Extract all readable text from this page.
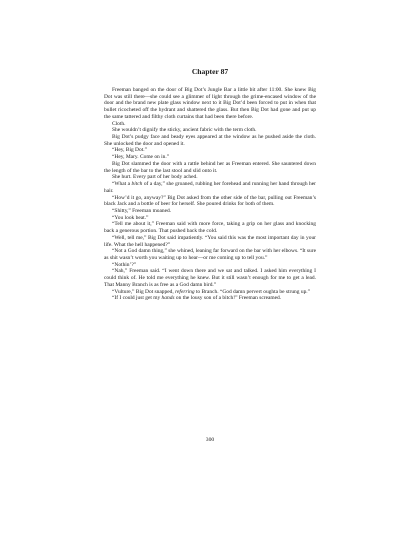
Chapter 87

Freeman banged on the door of Big Dot’s Jungle Bar a little bit after 11:00. She knew Big Dot was still there—she could see a glimmer of light through the grime-encased window of the door and the brand new plate glass window next to it Big Dot’d been forced to put in when that bullet ricocheted off the hydrant and shattered the glass. But then Big Dot had gone and put up the same tattered and filthy cloth curtains that had been there before.

Cloth.

She wouldn’t dignify the sticky, ancient fabric with the term cloth.

Big Dot’s pudgy face and beady eyes appeared at the window as he pushed aside the cloth. She unlocked the door and opened it.

“Hey, Big Dot.”

“Hey, Mary. Come on in.”

Big Dot slammed the door with a rattle behind her as Freeman entered. She sauntered down the length of the bar to the last stool and slid onto it.

She hurt. Every part of her body ached.

“What a bitch of a day,” she groaned, rubbing her forehead and running her hand through her hair.

“How’d it go, anyway?” Big Dot asked from the other side of the bar, pulling out Freeman’s black Jack and a bottle of beer for herself. She poured drinks for both of them.

“Shitty,” Freeman moaned.

“You look beat.”

“Tell me about it,” Freeman said with more force, taking a grip on her glass and knocking back a generous portion. That pushed back the cold.

“Well, tell me,” Big Dot said impatiently. “You said this was the most important day in your life. What the hell happened?”

“Not a God damn thing,” she whined, leaning far forward on the bar with her elbows. “It sure as shit wasn’t worth you waiting up to hear—or me coming up to tell you.”

“Nothin’?”

“Nah,” Freeman said. “I went down there and we sat and talked. I asked him everything I could think of. He told me everything he knew. But it still wasn’t enough for me to get a lead. That Manny Branch is as free as a God damn bird.”

“Vulture,” Big Dot snapped, referring to Branch. “God damn pervert oughta be strung up.”

“If I could just get my hands on the lousy son of a bitch!” Freeman screamed.

300
